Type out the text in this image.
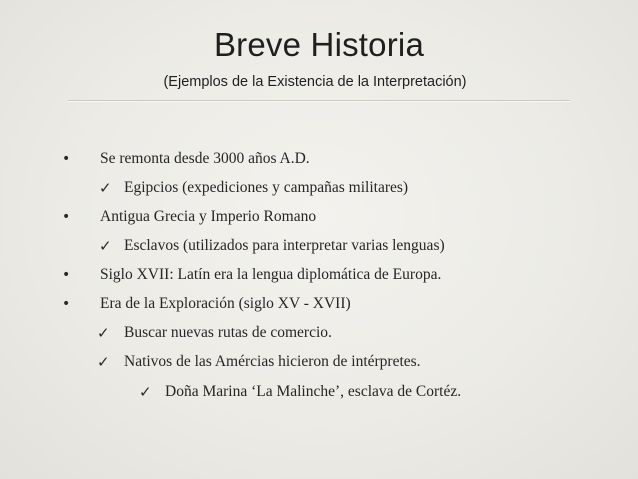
Breve Historia
(Ejemplos de la Existencia de la Interpretación)
• Se remonta desde 3000 años A.D.
✓ Egipcios (expediciones y campañas militares)
• Antigua Grecia y Imperio Romano
✓ Esclavos (utilizados para interpretar varias lenguas)
• Siglo XVII: Latín era la lengua diplomática de Europa.
• Era de la Exploración (siglo XV - XVII)
✓ Buscar nuevas rutas de comercio.
✓ Nativos de las Amércias hicieron de intérpretes.
✓ Doña Marina ‘La Malinche’, esclava de Cortéz.
